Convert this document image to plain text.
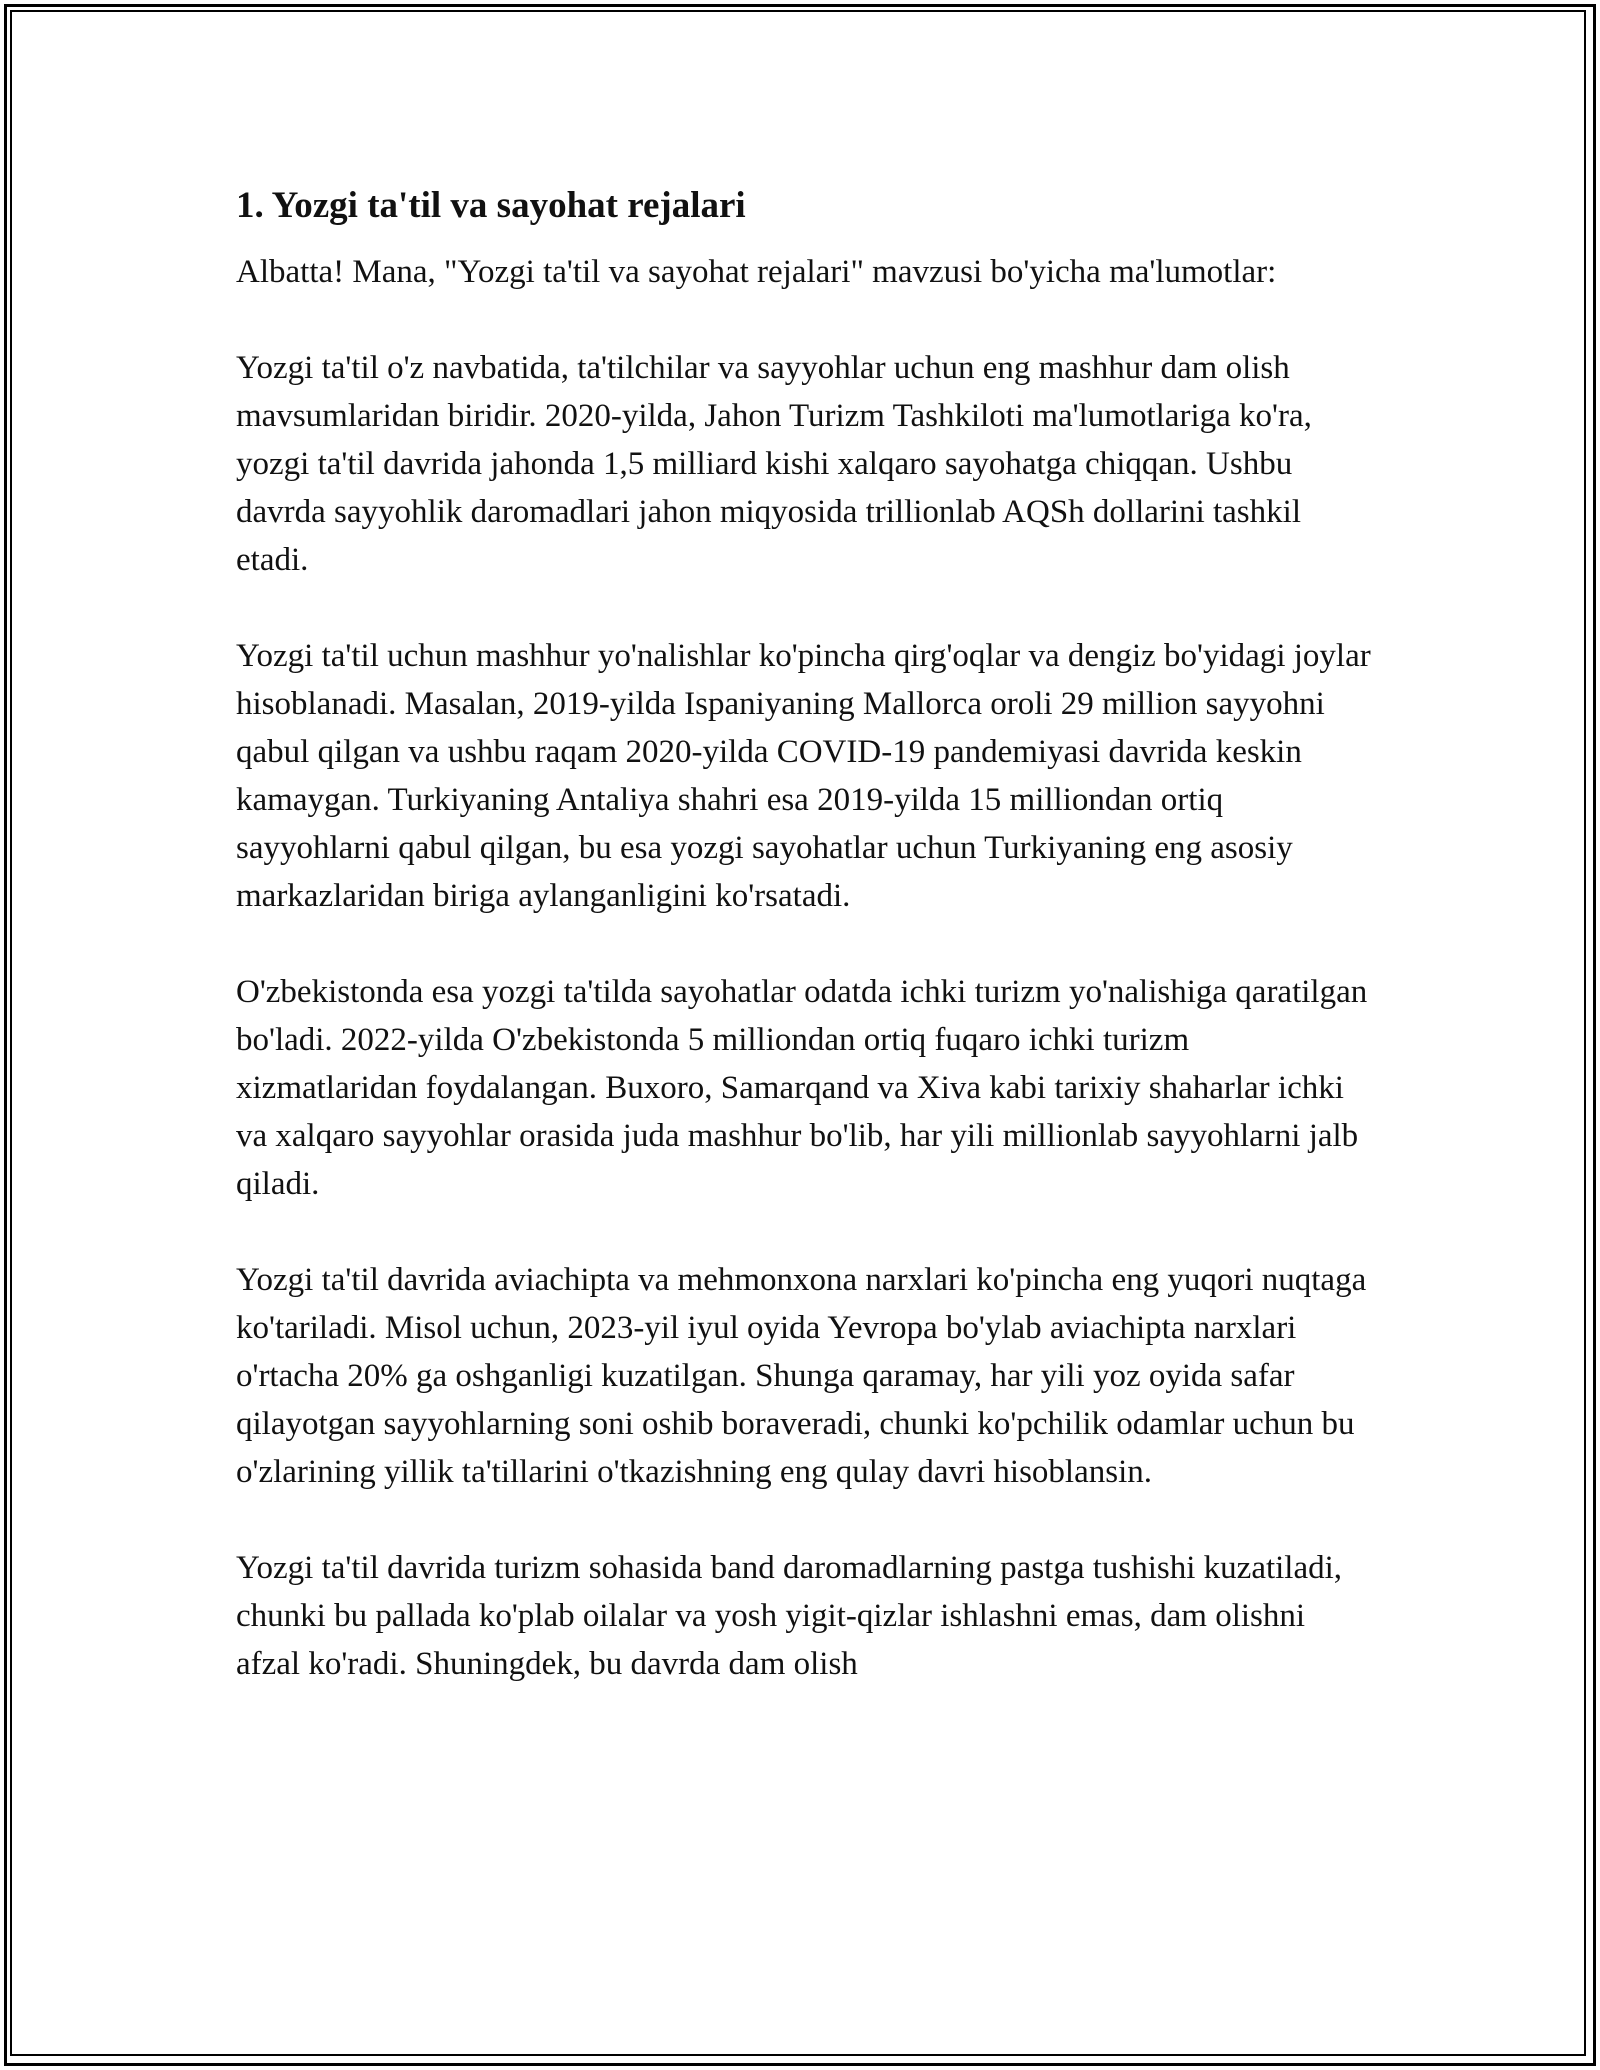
1. Yozgi ta'til va sayohat rejalari

Albatta! Mana, "Yozgi ta'til va sayohat rejalari" mavzusi bo'yicha ma'lumotlar:

Yozgi ta'til o'z navbatida, ta'tilchilar va sayyohlar uchun eng mashhur dam olish mavsumlaridan biridir. 2020-yilda, Jahon Turizm Tashkiloti ma'lumotlariga ko'ra, yozgi ta'til davrida jahonda 1,5 milliard kishi xalqaro sayohatga chiqqan. Ushbu davrda sayyohlik daromadlari jahon miqyosida trillionlab AQSh dollarini tashkil etadi.

Yozgi ta'til uchun mashhur yo'nalishlar ko'pincha qirg'oqlar va dengiz bo'yidagi joylar hisoblanadi. Masalan, 2019-yilda Ispaniyaning Mallorca oroli 29 million sayyohni qabul qilgan va ushbu raqam 2020-yilda COVID-19 pandemiyasi davrida keskin kamaygan. Turkiyaning Antaliya shahri esa 2019-yilda 15 milliondan ortiq sayyohlarni qabul qilgan, bu esa yozgi sayohatlar uchun Turkiyaning eng asosiy markazlaridan biriga aylanganligini ko'rsatadi.

O'zbekistonda esa yozgi ta'tilda sayohatlar odatda ichki turizm yo'nalishiga qaratilgan bo'ladi. 2022-yilda O'zbekistonda 5 milliondan ortiq fuqaro ichki turizm xizmatlaridan foydalangan. Buxoro, Samarqand va Xiva kabi tarixiy shaharlar ichki va xalqaro sayyohlar orasida juda mashhur bo'lib, har yili millionlab sayyohlarni jalb qiladi.

Yozgi ta'til davrida aviachipta va mehmonxona narxlari ko'pincha eng yuqori nuqtaga ko'tariladi. Misol uchun, 2023-yil iyul oyida Yevropa bo'ylab aviachipta narxlari o'rtacha 20% ga oshganligi kuzatilgan. Shunga qaramay, har yili yoz oyida safar qilayotgan sayyohlarning soni oshib boraveradi, chunki ko'pchilik odamlar uchun bu o'zlarining yillik ta'tillarini o'tkazishning eng qulay davri hisoblansin.

Yozgi ta'til davrida turizm sohasida band daromadlarning pastga tushishi kuzatiladi, chunki bu pallada ko'plab oilalar va yosh yigit-qizlar ishlashni emas, dam olishni afzal ko'radi. Shuningdek, bu davrda dam olish
